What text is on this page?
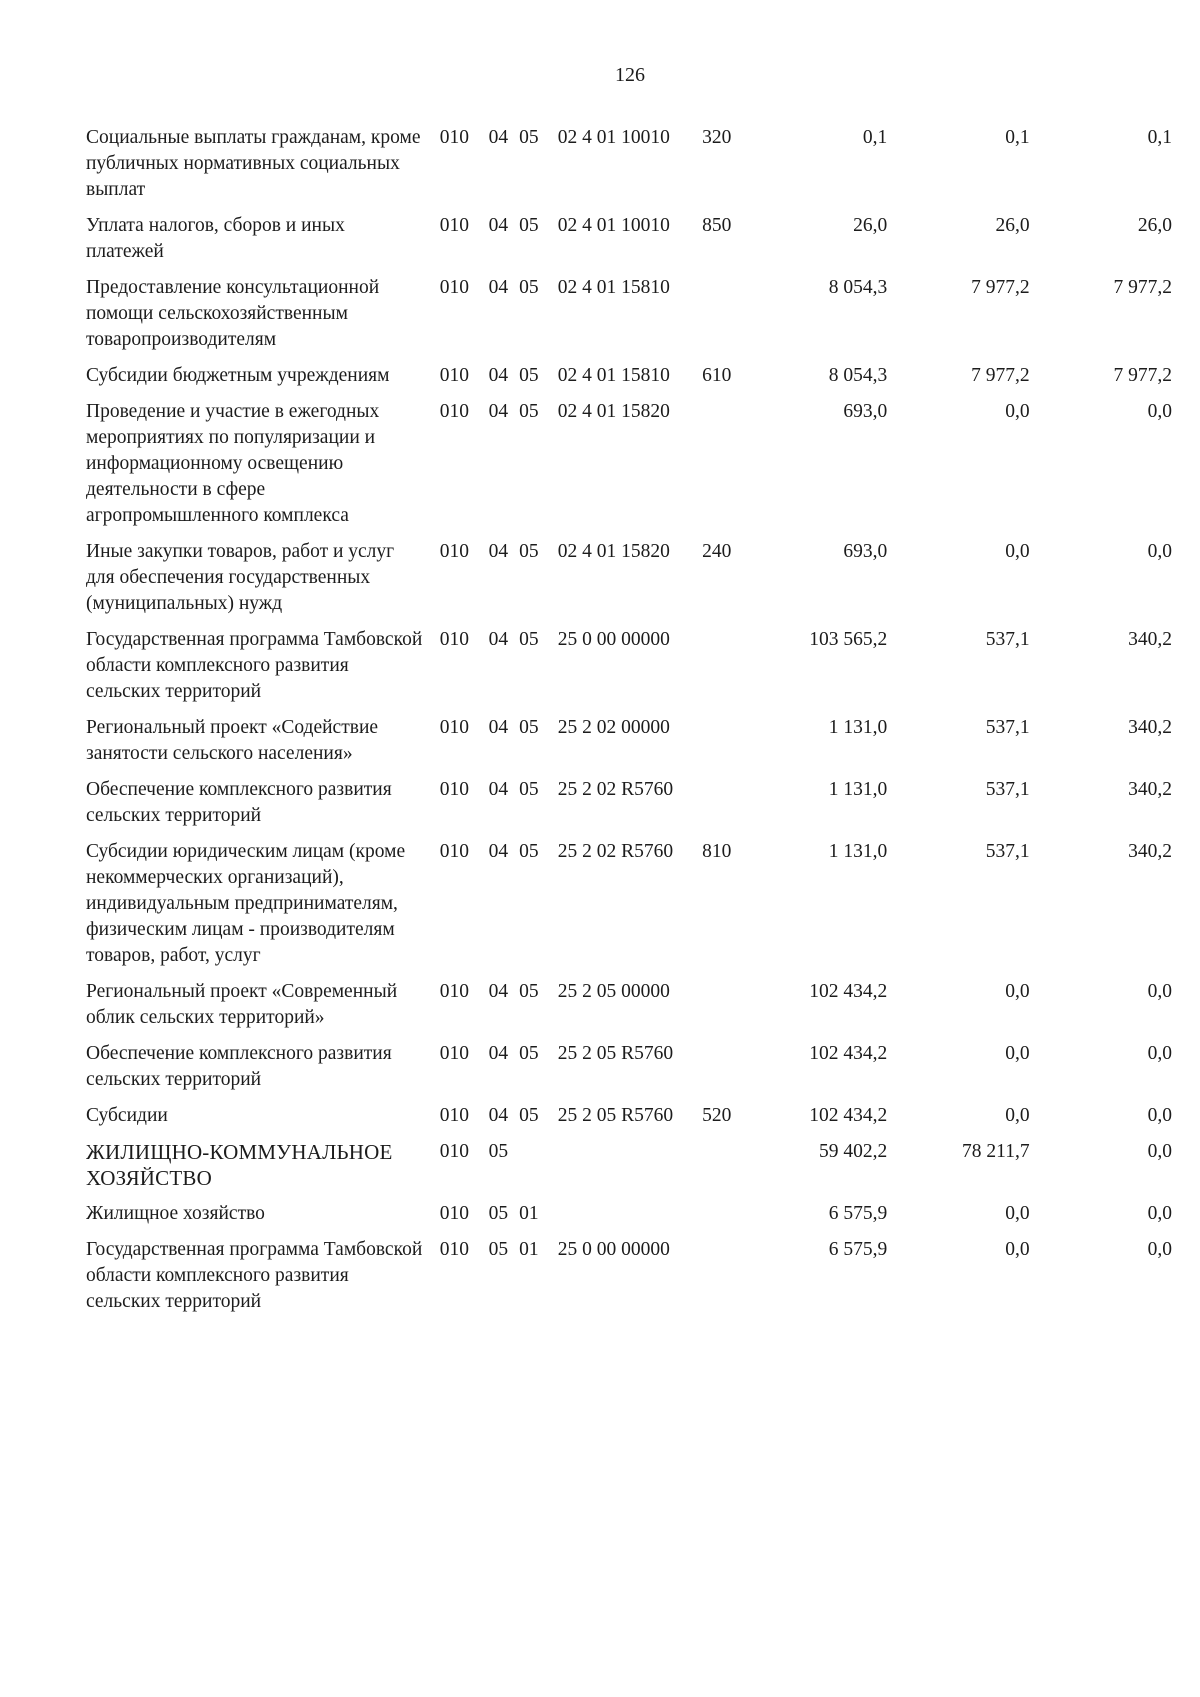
126
Социальные выплаты гражданам, кроме публичных нормативных социальных выплат	010	04	05	02 4 01 10010	320	0,1	0,1	0,1
Уплата налогов, сборов и иных платежей	010	04	05	02 4 01 10010	850	26,0	26,0	26,0
Предоставление консультационной помощи сельскохозяйственным товаропроизводителям	010	04	05	02 4 01 15810		8 054,3	7 977,2	7 977,2
Субсидии бюджетным учреждениям	010	04	05	02 4 01 15810	610	8 054,3	7 977,2	7 977,2
Проведение и участие в ежегодных мероприятиях по популяризации и информационному освещению деятельности в сфере агропромышленного комплекса	010	04	05	02 4 01 15820		693,0	0,0	0,0
Иные закупки товаров, работ и услуг для обеспечения государственных (муниципальных) нужд	010	04	05	02 4 01 15820	240	693,0	0,0	0,0
Государственная программа Тамбовской области комплексного развития сельских территорий	010	04	05	25 0 00 00000		103 565,2	537,1	340,2
Региональный проект «Содействие занятости сельского населения»	010	04	05	25 2 02 00000		1 131,0	537,1	340,2
Обеспечение комплексного развития сельских территорий	010	04	05	25 2 02 R5760		1 131,0	537,1	340,2
Субсидии юридическим лицам (кроме некоммерческих организаций), индивидуальным предпринимателям, физическим лицам - производителям товаров, работ, услуг	010	04	05	25 2 02 R5760	810	1 131,0	537,1	340,2
Региональный проект «Современный облик сельских территорий»	010	04	05	25 2 05 00000		102 434,2	0,0	0,0
Обеспечение комплексного развития сельских территорий	010	04	05	25 2 05 R5760		102 434,2	0,0	0,0
Субсидии	010	04	05	25 2 05 R5760	520	102 434,2	0,0	0,0
ЖИЛИЩНО-КОММУНАЛЬНОЕ ХОЗЯЙСТВО	010	05				59 402,2	78 211,7	0,0
Жилищное хозяйство	010	05	01			6 575,9	0,0	0,0
Государственная программа Тамбовской области комплексного развития сельских территорий	010	05	01	25 0 00 00000		6 575,9	0,0	0,0
